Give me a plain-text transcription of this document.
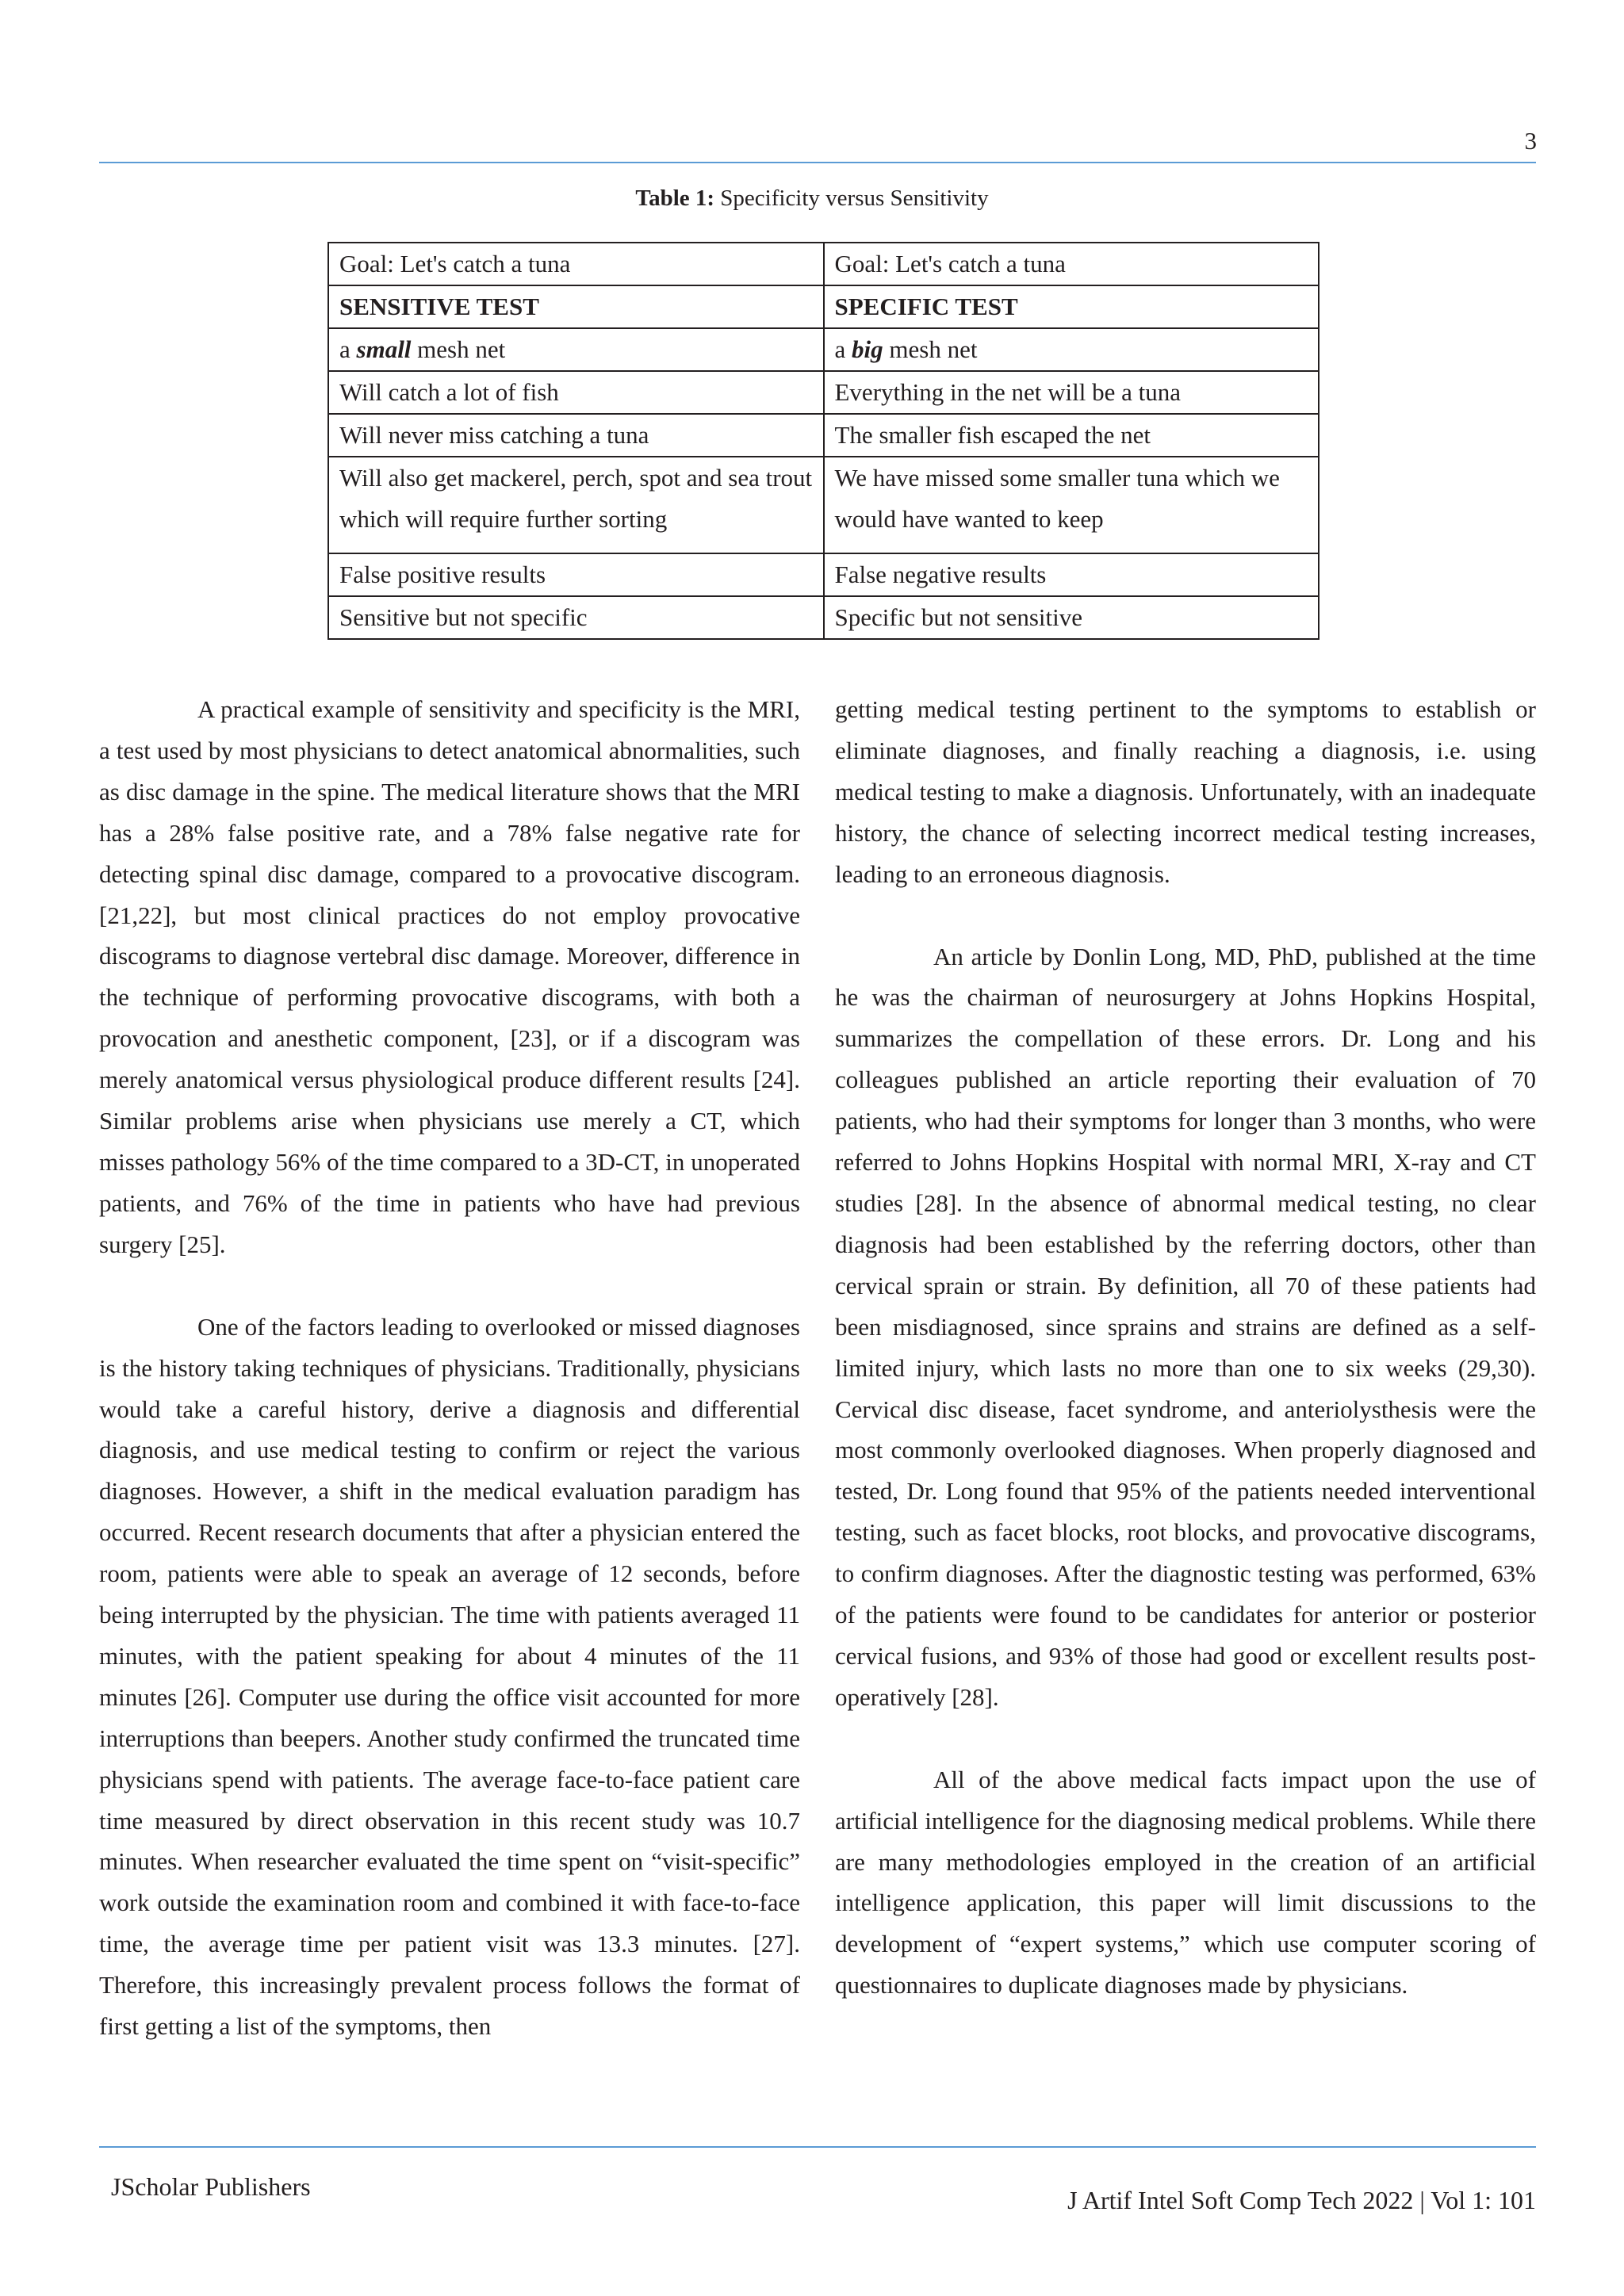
3
Table 1: Specificity versus Sensitivity
Goal: Let's catch a tuna	Goal: Let's catch a tuna
SENSITIVE TEST	SPECIFIC TEST
a small mesh net	a big mesh net
Will catch a lot of fish	Everything in the net will be a tuna
Will never miss catching a tuna	The smaller fish escaped the net
Will also get mackerel, perch, spot and sea trout which will require further sorting	We have missed some smaller tuna which we would have wanted to keep
False positive results	False negative results
Sensitive but not specific	Specific but not sensitive

A practical example of sensitivity and specificity is the MRI, a test used by most physicians to detect anatomical abnormalities, such as disc damage in the spine. The medical literature shows that the MRI has a 28% false positive rate, and a 78% false negative rate for detecting spinal disc damage, compared to a provocative discogram. [21,22], but most clinical practices do not employ provocative discograms to diagnose vertebral disc damage. Moreover, difference in the technique of performing provocative discograms, with both a provocation and anesthetic component, [23], or if a discogram was merely anatomical versus physiological produce different results [24]. Similar problems arise when physicians use merely a CT, which misses pathology 56% of the time compared to a 3D-CT, in unoperated patients, and 76% of the time in patients who have had previous surgery [25].

One of the factors leading to overlooked or missed diagnoses is the history taking techniques of physicians. Traditionally, physicians would take a careful history, derive a diagnosis and differential diagnosis, and use medical testing to confirm or reject the various diagnoses. However, a shift in the medical evaluation paradigm has occurred. Recent research documents that after a physician entered the room, patients were able to speak an average of 12 seconds, before being interrupted by the physician. The time with patients averaged 11 minutes, with the patient speaking for about 4 minutes of the 11 minutes [26]. Computer use during the office visit accounted for more interruptions than beepers. Another study confirmed the truncated time physicians spend with patients. The average face-to-face patient care time measured by direct observation in this recent study was 10.7 minutes. When researcher evaluated the time spent on “visit-specific” work outside the examination room and combined it with face-to-face time, the average time per patient visit was 13.3 minutes. [27]. Therefore, this increasingly prevalent process follows the format of first getting a list of the symptoms, then

getting medical testing pertinent to the symptoms to establish or eliminate diagnoses, and finally reaching a diagnosis, i.e. using medical testing to make a diagnosis. Unfortunately, with an inadequate history, the chance of selecting incorrect medical testing increases, leading to an erroneous diagnosis.

An article by Donlin Long, MD, PhD, published at the time he was the chairman of neurosurgery at Johns Hopkins Hospital, summarizes the compellation of these errors. Dr. Long and his colleagues published an article reporting their evaluation of 70 patients, who had their symptoms for longer than 3 months, who were referred to Johns Hopkins Hospital with normal MRI, X-ray and CT studies [28]. In the absence of abnormal medical testing, no clear diagnosis had been established by the referring doctors, other than cervical sprain or strain. By definition, all 70 of these patients had been misdiagnosed, since sprains and strains are defined as a self-limited injury, which lasts no more than one to six weeks (29,30). Cervical disc disease, facet syndrome, and anteriolysthesis were the most commonly overlooked diagnoses. When properly diagnosed and tested, Dr. Long found that 95% of the patients needed interventional testing, such as facet blocks, root blocks, and provocative discograms, to confirm diagnoses. After the diagnostic testing was performed, 63% of the patients were found to be candidates for anterior or posterior cervical fusions, and 93% of those had good or excellent results post-operatively [28].

All of the above medical facts impact upon the use of artificial intelligence for the diagnosing medical problems. While there are many methodologies employed in the creation of an artificial intelligence application, this paper will limit discussions to the development of “expert systems,” which use computer scoring of questionnaires to duplicate diagnoses made by physicians.

JScholar Publishers	J Artif Intel Soft Comp Tech 2022 | Vol 1: 101
